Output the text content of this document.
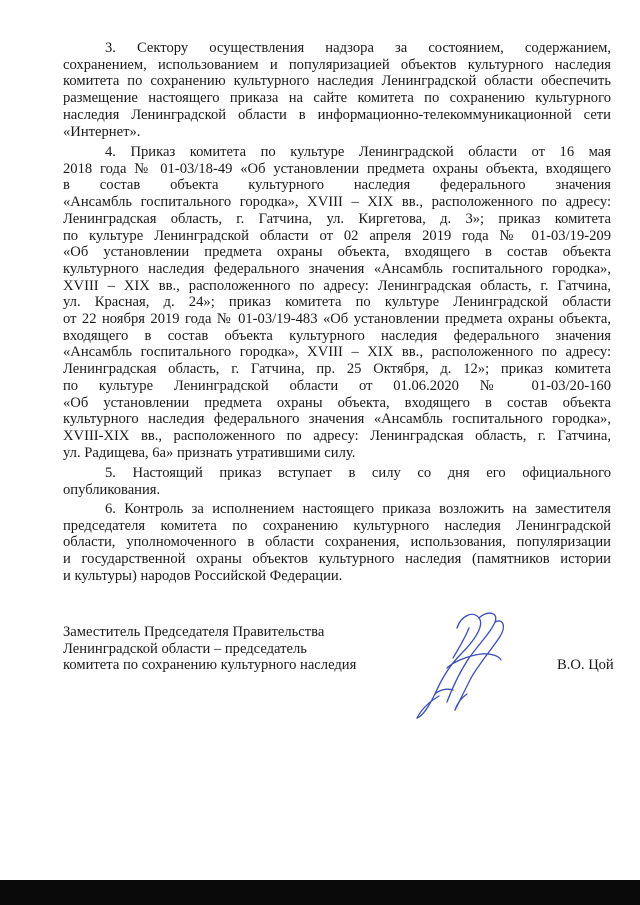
3. Сектору осуществления надзора за состоянием, содержанием,
сохранением, использованием и популяризацией объектов культурного наследия
комитета по сохранению культурного наследия Ленинградской области обеспечить
размещение настоящего приказа на сайте комитета по сохранению культурного
наследия Ленинградской области в информационно-телекоммуникационной сети
«Интернет».

4. Приказ комитета по культуре Ленинградской области от 16 мая
2018 года № 01-03/18-49 «Об установлении предмета охраны объекта, входящего
в состав объекта культурного наследия федерального значения
«Ансамбль госпитального городка», XVIII – XIX вв., расположенного по адресу:
Ленинградская область, г. Гатчина, ул. Киргетова, д. 3»; приказ комитета
по культуре Ленинградской области от 02 апреля 2019 года № 01-03/19-209
«Об установлении предмета охраны объекта, входящего в состав объекта
культурного наследия федерального значения «Ансамбль госпитального городка»,
XVIII – XIX вв., расположенного по адресу: Ленинградская область, г. Гатчина,
ул. Красная, д. 24»; приказ комитета по культуре Ленинградской области
от 22 ноября 2019 года № 01-03/19-483 «Об установлении предмета охраны объекта,
входящего в состав объекта культурного наследия федерального значения
«Ансамбль госпитального городка», XVIII – XIX вв., расположенного по адресу:
Ленинградская область, г. Гатчина, пр. 25 Октября, д. 12»; приказ комитета
по культуре Ленинградской области от 01.06.2020 № 01-03/20-160
«Об установлении предмета охраны объекта, входящего в состав объекта
культурного наследия федерального значения «Ансамбль госпитального городка»,
XVIII-XIX вв., расположенного по адресу: Ленинградская область, г. Гатчина,
ул. Радищева, 6а» признать утратившими силу.

5. Настоящий приказ вступает в силу со дня его официального
опубликования.

6. Контроль за исполнением настоящего приказа возложить на заместителя
председателя комитета по сохранению культурного наследия Ленинградской
области, уполномоченного в области сохранения, использования, популяризации
и государственной охраны объектов культурного наследия (памятников истории
и культуры) народов Российской Федерации.

Заместитель Председателя Правительства
Ленинградской области – председатель
комитета по сохранению культурного наследия	В.О. Цой
